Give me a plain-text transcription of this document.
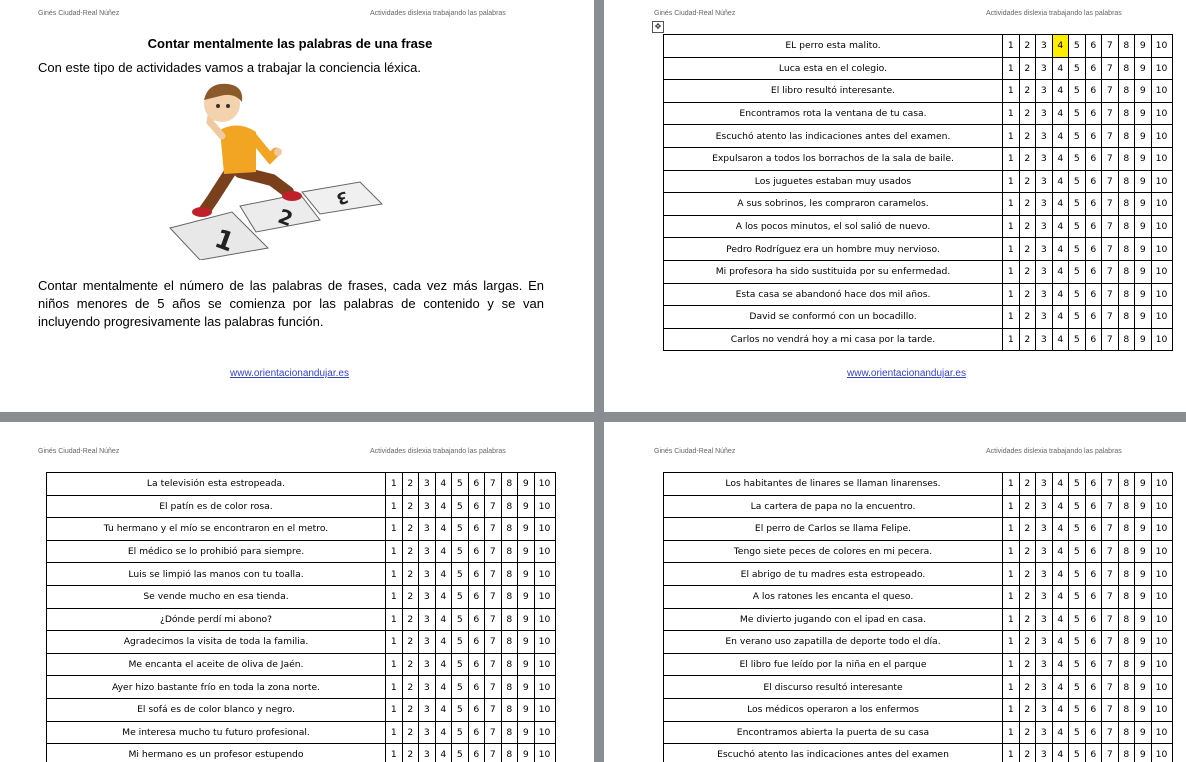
Ginés Ciudad-Real Núñez	Actividades dislexia trabajando las palabras
Contar mentalmente las palabras de una frase
Con este tipo de actividades vamos a trabajar la conciencia léxica.
1
2
3
Contar mentalmente el número de las palabras de frases, cada vez más largas. En niños menores de 5 años se comienza por las palabras de contenido y se van incluyendo progresivamente las palabras función.
www.orientacionandujar.es
Ginés Ciudad-Real Núñez	Actividades dislexia trabajando las palabras
✥
EL perro esta malito.	1	2	3	4	5	6	7	8	9	10
Luca esta en el colegio.	1	2	3	4	5	6	7	8	9	10
El libro resultó interesante.	1	2	3	4	5	6	7	8	9	10
Encontramos rota la ventana de tu casa.	1	2	3	4	5	6	7	8	9	10
Escuchó atento las indicaciones antes del examen.	1	2	3	4	5	6	7	8	9	10
Expulsaron a todos los borrachos de la sala de baile.	1	2	3	4	5	6	7	8	9	10
Los juguetes estaban muy usados	1	2	3	4	5	6	7	8	9	10
A sus sobrinos, les compraron caramelos.	1	2	3	4	5	6	7	8	9	10
A los pocos minutos, el sol salió de nuevo.	1	2	3	4	5	6	7	8	9	10
Pedro Rodríguez era un hombre muy nervioso.	1	2	3	4	5	6	7	8	9	10
Mi profesora ha sido sustituida por su enfermedad.	1	2	3	4	5	6	7	8	9	10
Esta casa se abandonó hace dos mil años.	1	2	3	4	5	6	7	8	9	10
David se conformó con un bocadillo.	1	2	3	4	5	6	7	8	9	10
Carlos no vendrá hoy a mi casa por la tarde.	1	2	3	4	5	6	7	8	9	10
www.orientacionandujar.es
Ginés Ciudad-Real Núñez	Actividades dislexia trabajando las palabras
La televisión esta estropeada.	1	2	3	4	5	6	7	8	9	10
El patín es de color rosa.	1	2	3	4	5	6	7	8	9	10
Tu hermano y el mío se encontraron en el metro.	1	2	3	4	5	6	7	8	9	10
El médico se lo prohibió para siempre.	1	2	3	4	5	6	7	8	9	10
Luis se limpió las manos con tu toalla.	1	2	3	4	5	6	7	8	9	10
Se vende mucho en esa tienda.	1	2	3	4	5	6	7	8	9	10
¿Dónde perdí mi abono?	1	2	3	4	5	6	7	8	9	10
Agradecimos la visita de toda la familia.	1	2	3	4	5	6	7	8	9	10
Me encanta el aceite de oliva de Jaén.	1	2	3	4	5	6	7	8	9	10
Ayer hizo bastante frío en toda la zona norte.	1	2	3	4	5	6	7	8	9	10
El sofá es de color blanco y negro.	1	2	3	4	5	6	7	8	9	10
Me interesa mucho tu futuro profesional.	1	2	3	4	5	6	7	8	9	10
Mi hermano es un profesor estupendo	1	2	3	4	5	6	7	8	9	10
Ginés Ciudad-Real Núñez	Actividades dislexia trabajando las palabras
Los habitantes de linares se llaman linarenses.	1	2	3	4	5	6	7	8	9	10
La cartera de papa no la encuentro.	1	2	3	4	5	6	7	8	9	10
El perro de Carlos se llama Felipe.	1	2	3	4	5	6	7	8	9	10
Tengo siete peces de colores en mi pecera.	1	2	3	4	5	6	7	8	9	10
El abrigo de tu madres esta estropeado.	1	2	3	4	5	6	7	8	9	10
A los ratones les encanta el queso.	1	2	3	4	5	6	7	8	9	10
Me divierto jugando con el ipad en casa.	1	2	3	4	5	6	7	8	9	10
En verano uso zapatilla de deporte todo el día.	1	2	3	4	5	6	7	8	9	10
El libro fue leído por la niña en el parque	1	2	3	4	5	6	7	8	9	10
El discurso resultó interesante	1	2	3	4	5	6	7	8	9	10
Los médicos operaron a los enfermos	1	2	3	4	5	6	7	8	9	10
Encontramos abierta la puerta de su casa	1	2	3	4	5	6	7	8	9	10
Escuchó atento las indicaciones antes del examen	1	2	3	4	5	6	7	8	9	10
